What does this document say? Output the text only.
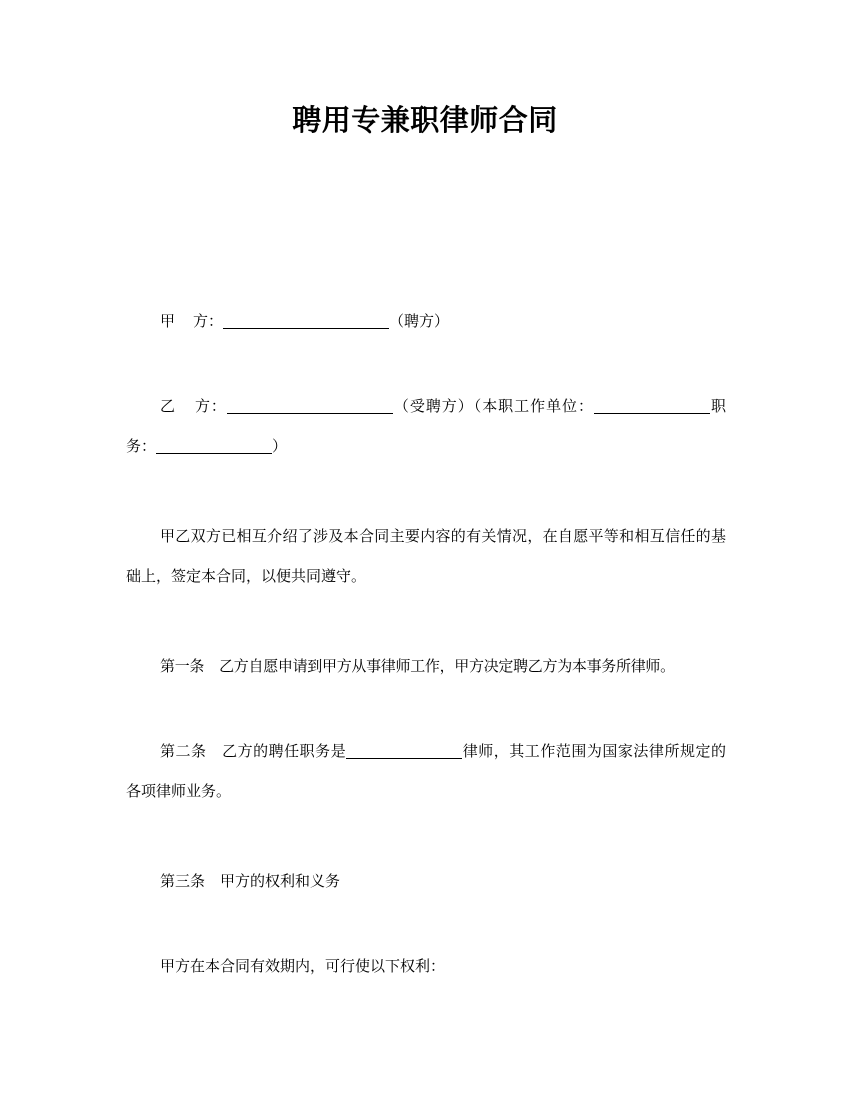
聘用专兼职律师合同

甲 方：	（聘方）

乙 方：	（受聘方）（本职工作单位：	职务：	）

甲乙双方已相互介绍了涉及本合同主要内容的有关情况，在自愿平等和相互信任的基础上，签定本合同，以便共同遵守。

第一条 乙方自愿申请到甲方从事律师工作，甲方决定聘乙方为本事务所律师。

第二条 乙方的聘任职务是	律师，其工作范围为国家法律所规定的各项律师业务。

第三条 甲方的权利和义务

甲方在本合同有效期内，可行使以下权利：
